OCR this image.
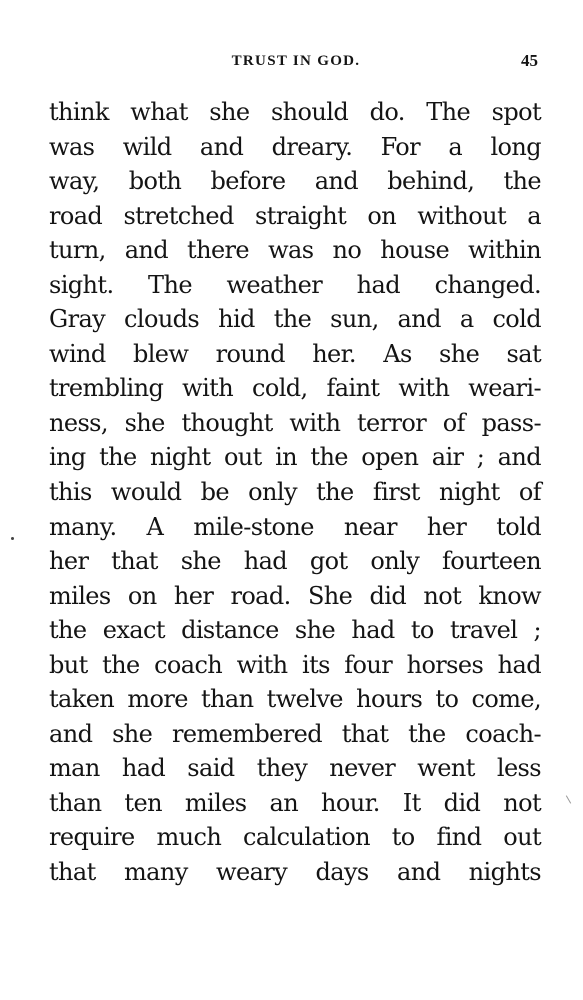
TRUST IN GOD.	45
think what she should do. The spot
was wild and dreary. For a long
way, both before and behind, the
road stretched straight on without a
turn, and there was no house within
sight. The weather had changed.
Gray clouds hid the sun, and a cold
wind blew round her. As she sat
trembling with cold, faint with weari-
ness, she thought with terror of pass-
ing the night out in the open air ; and
this would be only the first night of
many. A mile-stone near her told
her that she had got only fourteen
miles on her road. She did not know
the exact distance she had to travel ;
but the coach with its four horses had
taken more than twelve hours to come,
and she remembered that the coach-
man had said they never went less
than ten miles an hour. It did not
require much calculation to find out
that many weary days and nights
